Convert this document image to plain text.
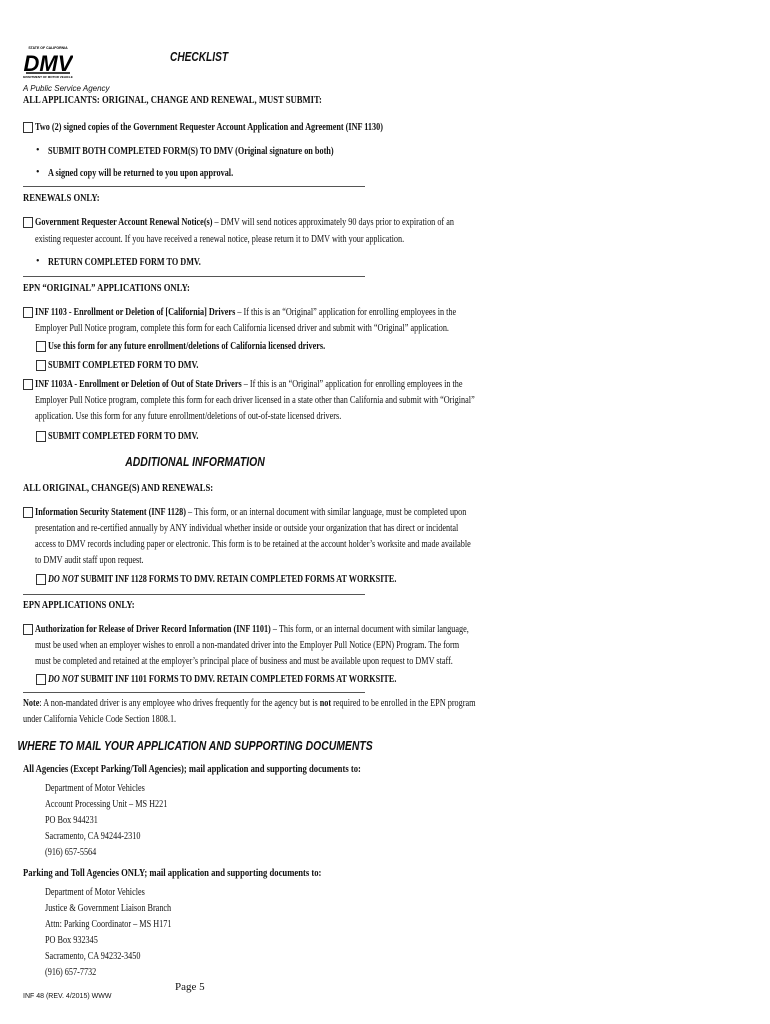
STATE OF CALIFORNIA
DMV
DEPARTMENT OF MOTOR VEHICLES
A Public Service Agency
CHECKLIST
ALL APPLICANTS: ORIGINAL, CHANGE AND RENEWAL, MUST SUBMIT:
Two (2) signed copies of the Government Requester Account Application and Agreement (INF 1130)
• SUBMIT BOTH COMPLETED FORM(S) TO DMV (Original signature on both)
• A signed copy will be returned to you upon approval.
RENEWALS ONLY:
Government Requester Account Renewal Notice(s) – DMV will send notices approximately 90 days prior to expiration of an
existing requester account. If you have received a renewal notice, please return it to DMV with your application.
• RETURN COMPLETED FORM TO DMV.
EPN “ORIGINAL” APPLICATIONS ONLY:
INF 1103 - Enrollment or Deletion of [California] Drivers – If this is an “Original” application for enrolling employees in the
Employer Pull Notice program, complete this form for each California licensed driver and submit with “Original” application.
Use this form for any future enrollment/deletions of California licensed drivers.
SUBMIT COMPLETED FORM TO DMV.
INF 1103A - Enrollment or Deletion of Out of State Drivers – If this is an “Original” application for enrolling employees in the
Employer Pull Notice program, complete this form for each driver licensed in a state other than California and submit with “Original”
application. Use this form for any future enrollment/deletions of out-of-state licensed drivers.
SUBMIT COMPLETED FORM TO DMV.
ADDITIONAL INFORMATION
ALL ORIGINAL, CHANGE(S) AND RENEWALS:
Information Security Statement (INF 1128) – This form, or an internal document with similar language, must be completed upon
presentation and re-certified annually by ANY individual whether inside or outside your organization that has direct or incidental
access to DMV records including paper or electronic. This form is to be retained at the account holder’s worksite and made available
to DMV audit staff upon request.
DO NOT SUBMIT INF 1128 FORMS TO DMV. RETAIN COMPLETED FORMS AT WORKSITE.
EPN APPLICATIONS ONLY:
Authorization for Release of Driver Record Information (INF 1101) – This form, or an internal document with similar language,
must be used when an employer wishes to enroll a non-mandated driver into the Employer Pull Notice (EPN) Program. The form
must be completed and retained at the employer’s principal place of business and must be available upon request to DMV staff.
DO NOT SUBMIT INF 1101 FORMS TO DMV. RETAIN COMPLETED FORMS AT WORKSITE.
Note: A non-mandated driver is any employee who drives frequently for the agency but is not required to be enrolled in the EPN program
under California Vehicle Code Section 1808.1.
WHERE TO MAIL YOUR APPLICATION AND SUPPORTING DOCUMENTS
All Agencies (Except Parking/Toll Agencies); mail application and supporting documents to:
Department of Motor Vehicles
Account Processing Unit – MS H221
PO Box 944231
Sacramento, CA 94244-2310
(916) 657-5564
Parking and Toll Agencies ONLY; mail application and supporting documents to:
Department of Motor Vehicles
Justice & Government Liaison Branch
Attn: Parking Coordinator – MS H171
PO Box 932345
Sacramento, CA 94232-3450
(916) 657-7732
Page 5
INF 48 (REV. 4/2015) WWW
